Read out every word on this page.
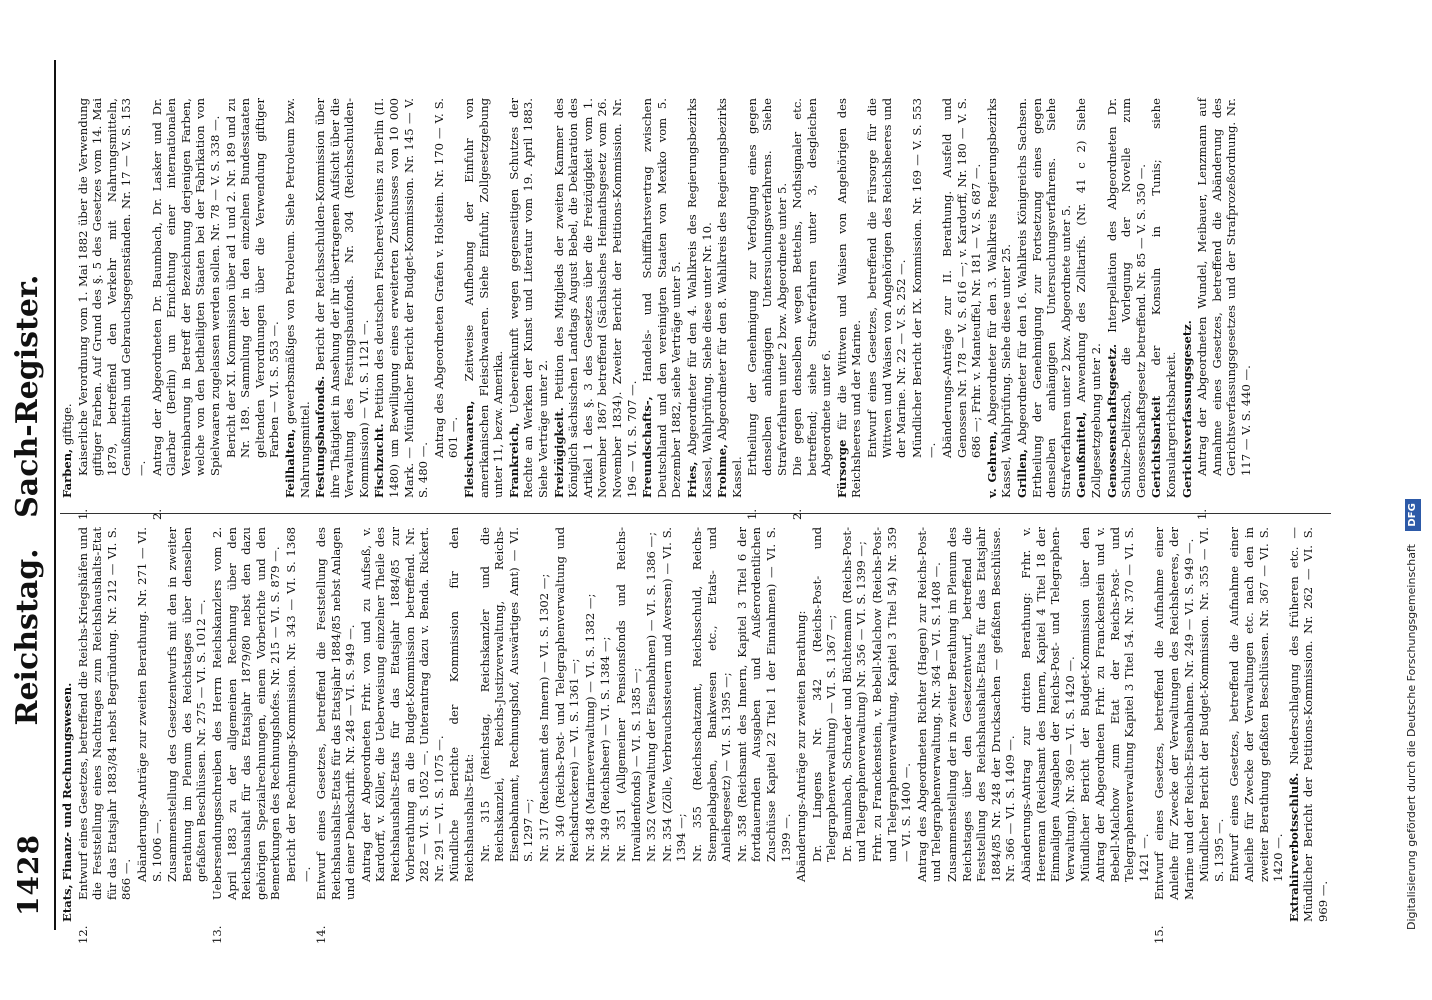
1428
Reichstag. Sach-Register.
Etats, Finanz- und Rechnungswesen.
12.Entwurf eines Gesetzes, betreffend die Reichs-Kriegshäfen und die Feststellung eines Nachtrages zum Reichshaushalts-Etat für das Etatsjahr 1883/84 nebst Begründung. Nr. 212 — VI. S. 866 —. Abänderungs-Anträge zur zweiten Berathung. Nr. 271 — VI. S. 1006 —. Zusammenstellung des Gesetzentwurfs mit den in zweiter Berathung im Plenum des Reichstages über denselben gefaßten Beschlüssen. Nr. 275 — VI. S. 1012 —.
13.Uebersendungsschreiben des Herrn Reichskanzlers vom 2. April 1883 zu der allgemeinen Rechnung über den Reichshaushalt für das Etatsjahr 1879/80 nebst den dazu gehörigen Spezialrechnungen, einem Vorberichte und den Bemerkungen des Rechnungshofes. Nr. 215 — VI. S. 879 —. Bericht der Rechnungs-Kommission. Nr. 343 — VI. S. 1368 —.
14.Entwurf eines Gesetzes, betreffend die Feststellung des Reichshaushalts-Etats für das Etatsjahr 1884/85 nebst Anlagen und einer Denkschrift. Nr. 248 — VI. S. 949 —. Antrag der Abgeordneten Frhr. von und zu Aufseß, v. Kardorff, v. Köller, die Ueberweisung einzelner Theile des Reichshaushalts-Etats für das Etatsjahr 1884/85 zur Vorberathung an die Budget-Kommission betreffend. Nr. 282 — VI. S. 1052 —. Unterantrag dazu v. Benda. Rickert. Nr. 291 — VI. S. 1075 —. Mündliche Berichte der Kommission für den Reichshaushalts-Etat: Nr. 315 (Reichstag, Reichskanzler und die Reichskanzlei, Reichs-Justizverwaltung, Reichs-Eisenbahnamt, Rechnungshof, Auswärtiges Amt) — VI. S. 1297 —; Nr. 317 (Reichsamt des Innern) — VI. S. 1302 —; Nr. 340 (Reichs-Post- und Telegraphenverwaltung und Reichsdruckerei) — VI. S. 1361 —; Nr. 348 (Marineverwaltung) — VI. S. 1382 —; Nr. 349 (Reichsheer) — VI. S. 1384 —; Nr. 351 (Allgemeiner Pensionsfonds und Reichs-Invalidenfonds) — VI. S. 1385 —; Nr. 352 (Verwaltung der Eisenbahnen) — VI. S. 1386 —; Nr. 354 (Zölle, Verbrauchssteuern und Aversen) — VI. S. 1394 —; Nr. 355 (Reichsschatzamt, Reichsschuld, Reichs-Stempelabgaben, Bankwesen etc., Etats- und Anleihegesetz) — VI. S. 1395 —; Nr. 358 (Reichsamt des Innern, Kapitel 3 Titel 6 der fortdauernden Ausgaben und Außerordentlichen Zuschüsse Kapitel 22 Titel 1 der Einnahmen) — VI. S. 1399 —. Abänderungs-Anträge zur zweiten Berathung: Dr. Lingens Nr. 342 (Reichs-Post- und Telegraphenverwaltung) — VI. S. 1367 —; Dr. Baumbach, Schrader und Büchtemann (Reichs-Post- und Telegraphenverwaltung) Nr. 356 — VI. S. 1399 —; Frhr. zu Franckenstein, v. Bebell-Malchow (Reichs-Post- und Telegraphenverwaltung, Kapitel 3 Titel 54) Nr. 359 — VI. S. 1400 —. Antrag des Abgeordneten Richter (Hagen) zur Reichs-Post- und Telegraphenverwaltung. Nr. 364 — VI. S. 1408 —. Zusammenstellung der in zweiter Berathung im Plenum des Reichstages über den Gesetzentwurf, betreffend die Feststellung des Reichshaushalts-Etats für das Etatsjahr 1884/85 Nr. 248 der Drucksachen — gefaßten Beschlüsse. Nr. 366 — VI. S. 1409 —. Abänderungs-Antrag zur dritten Berathung: Frhr. v. Heereman (Reichsamt des Innern, Kapitel 4 Titel 18 der Einmaligen Ausgaben der Reichs-Post- und Telegraphen-Verwaltung). Nr. 369 — VI. S. 1420 —. Mündlicher Bericht der Budget-Kommission über den Antrag der Abgeordneten Frhr. zu Franckenstein und v. Bebell-Malchow zum Etat der Reichs-Post- und Telegraphenverwaltung Kapitel 3 Titel 54. Nr. 370 — VI. S. 1421 —.
15.Entwurf eines Gesetzes, betreffend die Aufnahme einer Anleihe für Zwecke der Verwaltungen des Reichsheeres, der Marine und der Reichs-Eisenbahnen. Nr. 249 — VI. S. 949 —. Mündlicher Bericht der Budget-Kommission. Nr. 355 — VI. S. 1395 —. Entwurf eines Gesetzes, betreffend die Aufnahme einer Anleihe für Zwecke der Verwaltungen etc. nach den in zweiter Berathung gefaßten Beschlüssen. Nr. 367 — VI. S. 1420 —. Extrahirverbotsschluß. Niederschlagung des früheren etc. — Mündlicher Bericht der Petitions-Kommission. Nr. 262 — VI. S. 969 —.
Farben, giftige.
1.Kaiserliche Verordnung vom 1. Mai 1882 über die Verwendung giftiger Farben. Auf Grund des §. 5 des Gesetzes vom 14. Mai 1879, betreffend den Verkehr mit Nahrungsmitteln, Genußmitteln und Gebrauchsgegenständen. Nr. 17 — V. S. 153 —.
2.Antrag der Abgeordneten Dr. Baumbach, Dr. Lasker und Dr. Glarbar (Berlin) um Ernichtung einer internationalen Vereinbarung in Betreff der Bezeichnung derjenigen Farben, welche von den betheiligten Staaten bei der Fabrikation von Spielwaaren zugelassen werden sollen. Nr. 78 — V. S. 338 —. Bericht der XI. Kommission über ad 1 und 2. Nr. 189 und zu Nr. 189. Sammlung der in den einzelnen Bundesstaaten geltenden Verordnungen über die Verwendung giftiger Farben — VI. S. 553 —.
Feilhalten, gewerbsmäßiges von Petroleum. Siehe Petroleum bzw. Nahrungsmittel. Festungsbaufonds. Bericht der Reichsschulden-Kommission über ihre Thätigkeit in Ansehung der ihr übertragenen Aufsicht über die Verwaltung des Festungsbaufonds. Nr. 304 (Reichsschulden-Kommission) — VI. S. 1121 —. Fischzucht. Petition des deutschen Fischerei-Vereins zu Berlin (II. 1480) um Bewilligung eines erweiterten Zuschusses von 10 000 Mark. — Mündlicher Bericht der Budget-Kommission. Nr. 145 — V. S. 480 —.
Antrag des Abgeordneten Grafen v. Holstein. Nr. 170 — V. S. 601 —. Fleischwaaren, Zeitweise Aufhebung der Einfuhr von amerikanischen Fleischwaaren. Siehe Einfuhr, Zollgesetzgebung unter 11, bezw. Amerika. Frankreich, Uebereinkunft wegen gegenseitigen Schutzes der Rechte an Werken der Kunst und Literatur vom 19. April 1883. Siehe Verträge unter 2. Freizügigkeit. Petition des Mitglieds der zweiten Kammer des Königlich sächsischen Landtags August Bebel, die Deklaration des Artikel 1 des §. 3 des Gesetzes über die Freizügigkeit vom 1. November 1867 betreffend (Sächsisches Heimathsgesetz vom 26. November 1834). Zweiter Bericht der Petitions-Kommission. Nr. 196 — VI. S. 707 —. Freundschafts-, Handels- und Schifffahrtsvertrag zwischen Deutschland und den vereinigten Staaten von Mexiko vom 5. Dezember 1882, siehe Verträge unter 5. Fries, Abgeordneter für den 4. Wahlkreis des Regierungsbezirks Kassel, Wahlprüfung. Siehe diese unter Nr. 10. Frohme, Abgeordneter für den 8. Wahlkreis des Regierungsbezirks Kassel.
1.Ertheilung der Genehmigung zur Verfolgung eines gegen denselben anhängigen Untersuchungsverfahrens. Siehe Strafverfahren unter 2 bzw. Abgeordnete unter 5.
2.Die gegen denselben wegen Bettelns, Nothsignaler etc. betreffend; siehe Strafverfahren unter 3, desgleichen Abgeordnete unter 6. Fürsorge für die Wittwen und Waisen von Angehörigen des Reichsheeres und der Marine. Entwurf eines Gesetzes, betreffend die Fürsorge für die Wittwen und Waisen von Angehörigen des Reichsheeres und der Marine. Nr. 22 — V. S. 252 —. Mündlicher Bericht der IX. Kommission. Nr. 169 — V. S. 553 —. Abänderungs-Anträge zur II. Berathung. Ausfeld und Genossen Nr. 178 — V. S. 616 —; v. Kardorff, Nr. 180 — V. S. 686 —; Frhr. v. Manteuffel, Nr. 181 — V. S. 687 —.
v. Gehren, Abgeordneter für den 3. Wahlkreis Regierungsbezirks Kassel, Wahlprüfung. Siehe diese unter 25. Grillen, Abgeordneter für den 16. Wahlkreis Königreichs Sachsen. Ertheilung der Genehmigung zur Fortsetzung eines gegen denselben anhängigen Untersuchungsverfahrens. Siehe Strafverfahren unter 2 bzw. Abgeordnete unter 5. Genußmittel, Anwendung des Zolltarifs. (Nr. 41 c 2) Siehe Zollgesetzgebung unter 2. Genossenschaftsgesetz. Interpellation des Abgeordneten Dr. Schulze-Delitzsch, die Vorlegung der Novelle zum Genossenschaftsgesetz betreffend. Nr. 85 — V. S. 350 —. Gerichtsbarkeit der Konsuln in Tunis; siehe Konsulargerichtsbarkeit. Gerichtsverfassungsgesetz.
1.Antrag der Abgeordneten Wundel, Meibauer, Lenzmann auf Annahme eines Gesetzes, betreffend die Abänderung des Gerichtsverfassungsgesetzes und der Strafprozeßordnung. Nr. 117 — V. S. 440 —.
Digitalisierung gefördert durch die Deutsche Forschungsgemeinschaft DFG
